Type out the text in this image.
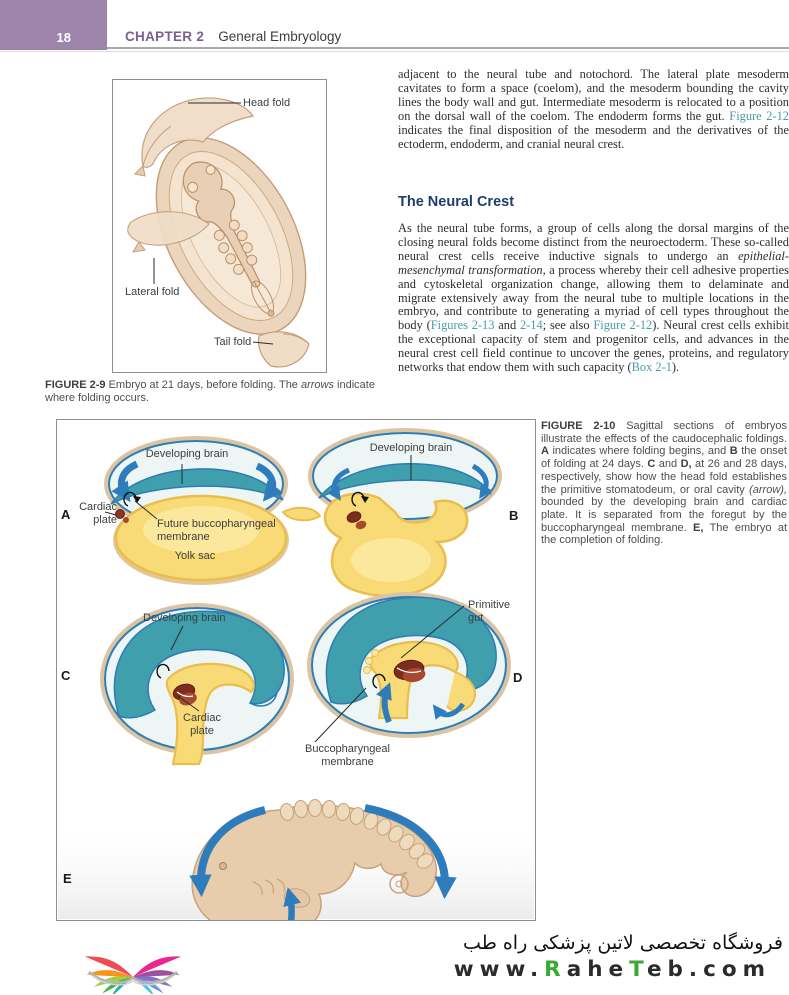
18	CHAPTER 2 General Embryology
Head fold
Lateral fold
Tail fold
FIGURE 2-9 Embryo at 21 days, before folding. The arrows indicate where folding occurs.
adjacent to the neural tube and notochord. The lateral plate mesoderm cavitates to form a space (coelom), and the mesoderm bounding the cavity lines the body wall and gut. Intermediate mesoderm is relocated to a position on the dorsal wall of the coelom. The endoderm forms the gut. Figure 2-12 indicates the final disposition of the mesoderm and the derivatives of the ectoderm, endoderm, and cranial neural crest.
The Neural Crest
As the neural tube forms, a group of cells along the dorsal margins of the closing neural folds become distinct from the neuroectoderm. These so-called neural crest cells receive inductive signals to undergo an epithelial-mesenchymal transformation, a process whereby their cell adhesive properties and cytoskeletal organization change, allowing them to delaminate and migrate extensively away from the neural tube to multiple locations in the embryo, and contribute to generating a myriad of cell types throughout the body (Figures 2-13 and 2-14; see also Figure 2-12). Neural crest cells exhibit the exceptional capacity of stem and progenitor cells, and advances in the neural crest cell field continue to uncover the genes, proteins, and regulatory networks that endow them with such capacity (Box 2-1).
A	B
C	D
E
Developing brain
Cardiac plate	Future buccopharyngeal membrane
Yolk sac
Developing brain
Developing brain
Cardiac plate
Primitive gut
Buccopharyngeal membrane
FIGURE 2-10 Sagittal sections of embryos illustrate the effects of the caudocephalic foldings. A indicates where folding begins, and B the onset of folding at 24 days. C and D, at 26 and 28 days, respectively, show how the head fold establishes the primitive stomatodeum, or oral cavity (arrow), bounded by the developing brain and cardiac plate. It is separated from the foregut by the buccopharyngeal membrane. E, The embryo at the completion of folding.
فروشگاه تخصصی لاتین پزشکی راه طب
www.RaheTeb.com
